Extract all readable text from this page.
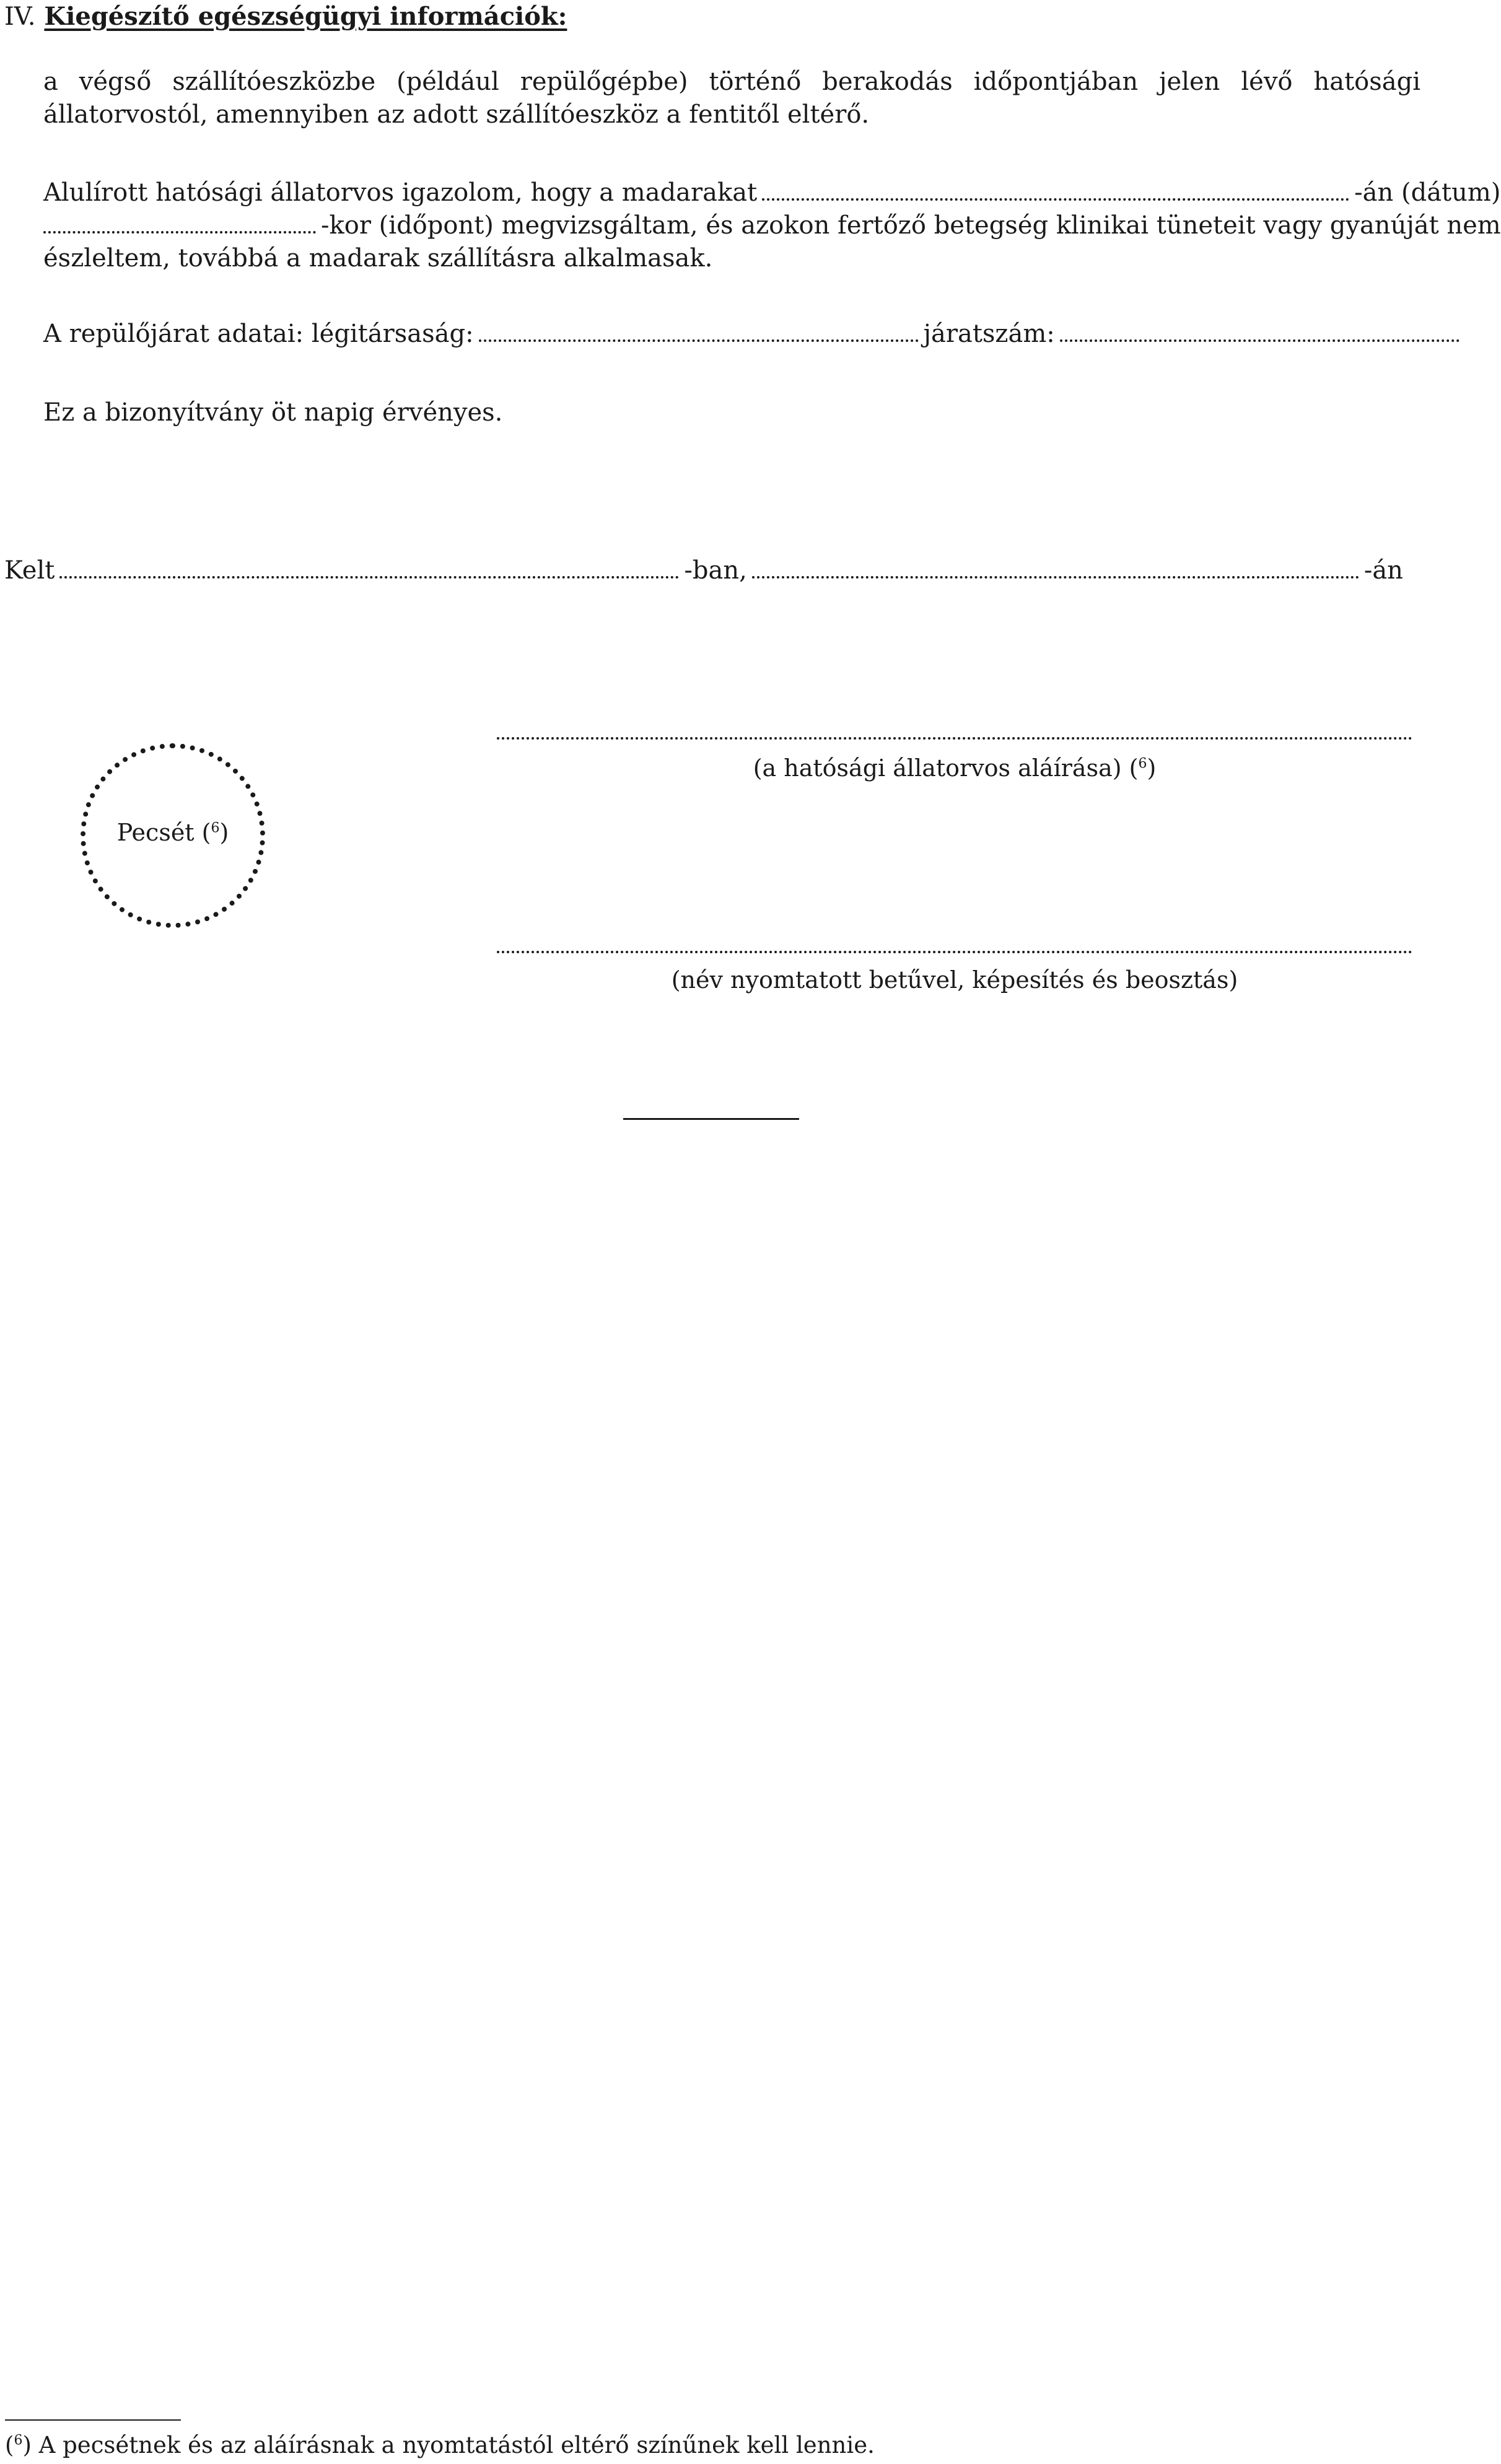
IV. Kiegészítő egészségügyi információk:
a végső szállítóeszközbe (például repülőgépbe) történő berakodás időpontjában jelen lévő hatósági állatorvostól, amennyiben az adott szállítóeszköz a fentitől eltérő.
Alulírott hatósági állatorvos igazolom, hogy a madarakat	-án (dátum)
-kor (időpont) megvizsgáltam, és azokon fertőző betegség klinikai tüneteit vagy gyanúját nem
észleltem, továbbá a madarak szállításra alkalmasak.
A repülőjárat adatai: légitársaság:	járatszám:
Ez a bizonyítvány öt napig érvényes.
Kelt	-ban,	-án
Pecsét ($^6$)
(a hatósági állatorvos aláírása) ($^6$)
(név nyomtatott betűvel, képesítés és beosztás)
($^6$) A pecsétnek és az aláírásnak a nyomtatástól eltérő színűnek kell lennie.
